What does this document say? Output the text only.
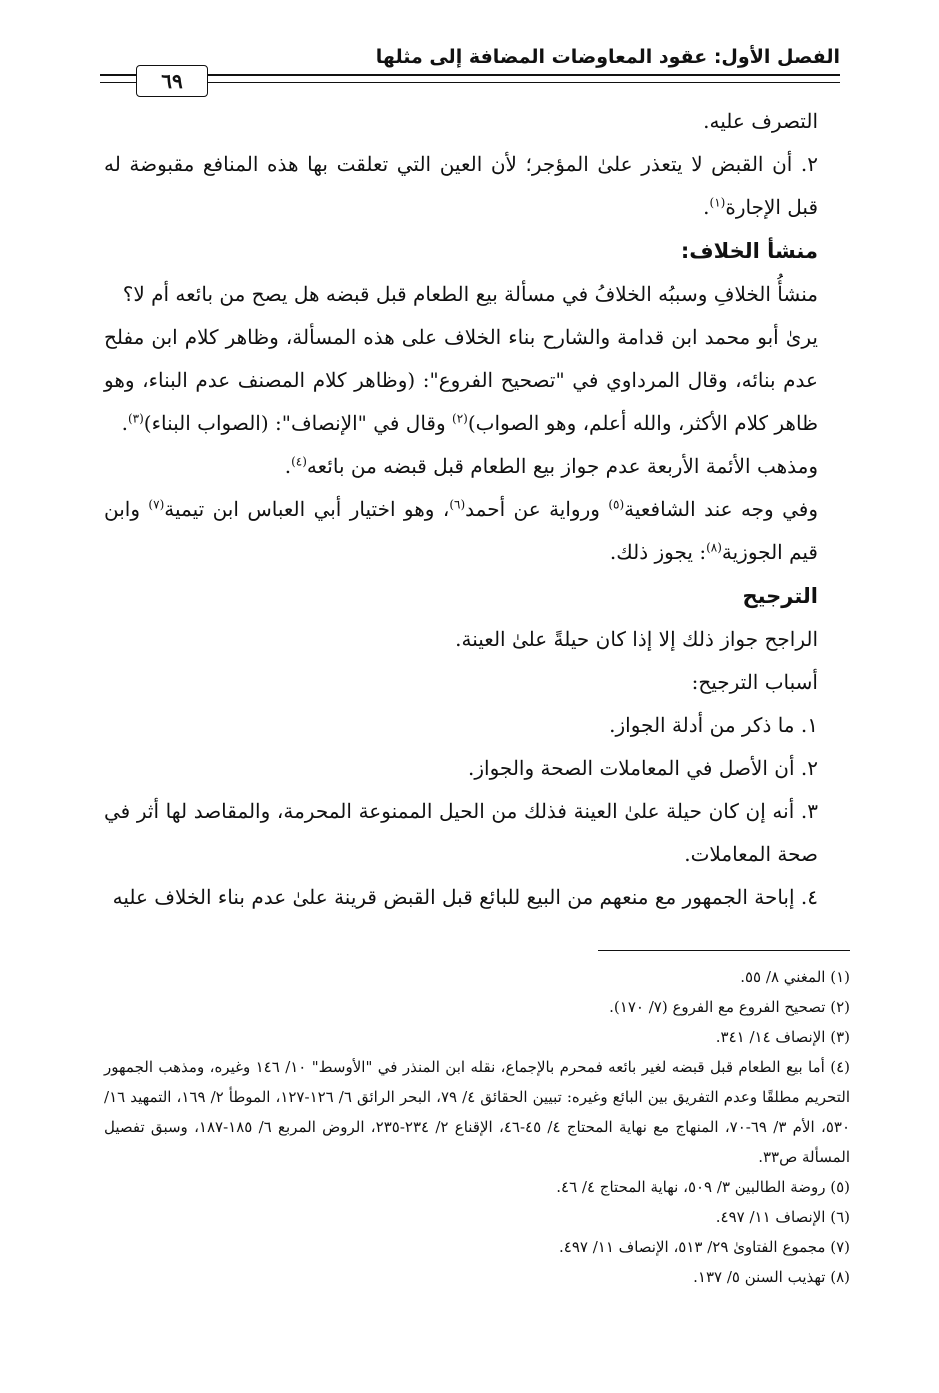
الفصل الأول: عقود المعاوضات المضافة إلى مثلها
٦٩

التصرف عليه.

٢. أن القبض لا يتعذر علىٰ المؤجر؛ لأن العين التي تعلقت بها هذه المنافع مقبوضة له قبل الإجارة$^{(١)}$.

منشأ الخلاف:

منشأُ الخلافِ وسببُه الخلافُ في مسألة بيع الطعام قبل قبضه هل يصح من بائعه أم لا؟

يرىٰ أبو محمد ابن قدامة والشارح بناء الخلاف على هذه المسألة، وظاهر كلام ابن مفلح عدم بنائه، وقال المرداوي في "تصحيح الفروع": (وظاهر كلام المصنف عدم البناء، وهو ظاهر كلام الأكثر، والله أعلم، وهو الصواب)$^{(٢)}$ وقال في "الإنصاف": (الصواب البناء)$^{(٣)}$.

ومذهب الأئمة الأربعة عدم جواز بيع الطعام قبل قبضه من بائعه$^{(٤)}$.

وفي وجه عند الشافعية$^{(٥)}$ ورواية عن أحمد$^{(٦)}$، وهو اختيار أبي العباس ابن تيمية$^{(٧)}$ وابن قيم الجوزية$^{(٨)}$: يجوز ذلك.

الترجيح

الراجح جواز ذلك إلا إذا كان حيلةً علىٰ العينة.

أسباب الترجيح:

١. ما ذكر من أدلة الجواز.

٢. أن الأصل في المعاملات الصحة والجواز.

٣. أنه إن كان حيلة علىٰ العينة فذلك من الحيل الممنوعة المحرمة، والمقاصد لها أثر في صحة المعاملات.

٤. إباحة الجمهور مع منعهم من البيع للبائع قبل القبض قرينة علىٰ عدم بناء الخلاف عليه

(١) المغني ٨/ ٥٥.

(٢) تصحيح الفروع مع الفروع (٧/ ١٧٠).

(٣) الإنصاف ١٤/ ٣٤١.

(٤) أما بيع الطعام قبل قبضه لغير بائعه فمحرم بالإجماع، نقله ابن المنذر في "الأوسط" ١٠/ ١٤٦ وغيره، ومذهب الجمهور التحريم مطلقًا وعدم التفريق بين البائع وغيره: تبيين الحقائق ٤/ ٧٩، البحر الرائق ٦/ ١٢٦-١٢٧، الموطأ ٢/ ١٦٩، التمهيد ١٦/ ٥٣٠، الأم ٣/ ٦٩-٧٠، المنهاج مع نهاية المحتاج ٤/ ٤٥-٤٦، الإقناع ٢/ ٢٣٤-٢٣٥، الروض المربع ٦/ ١٨٥-١٨٧، وسبق تفصيل المسألة ص٣٣.

(٥) روضة الطالبين ٣/ ٥٠٩، نهاية المحتاج ٤/ ٤٦.

(٦) الإنصاف ١١/ ٤٩٧.

(٧) مجموع الفتاوىٰ ٢٩/ ٥١٣، الإنصاف ١١/ ٤٩٧.

(٨) تهذيب السنن ٥/ ١٣٧.
